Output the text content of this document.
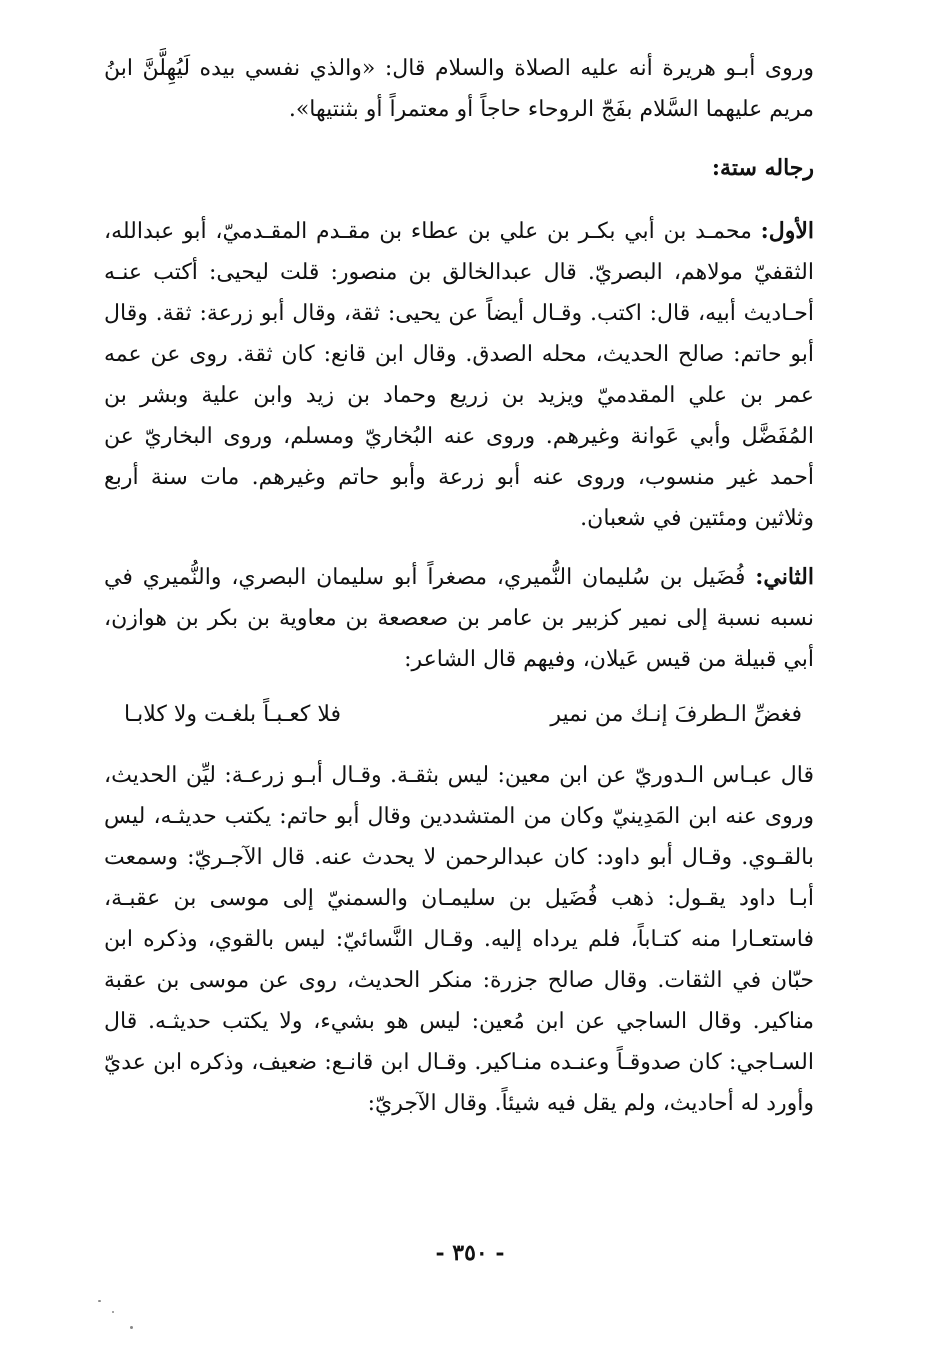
وروى أبـو هريرة أنه عليه الصلاة والسلام قال: «والذي نفسي بيده لَيُهِلَّنَّ ابنُ مريم عليهما السَّلام بفَجّ الروحاء حاجاً أو معتمراً أو بثنتيها».

رجاله ستة:

الأول: محمـد بن أبي بكـر بن علي بن عطاء بن مقـدم المقـدميّ، أبو عبدالله، الثقفيّ مولاهم، البصريّ. قال عبدالخالق بن منصور: قلت ليحيى: أكتب عنـه أحـاديث أبيه، قال: اكتب. وقـال أيضاً عن يحيى: ثقة، وقال أبو زرعة: ثقة. وقال أبو حاتم: صالح الحديث، محله الصدق. وقال ابن قانع: كان ثقة. روى عن عمه عمر بن علي المقدميّ ويزيد بن زريع وحماد بن زيد وابن علية وبشر بن المُفَضَّل وأبي عَوانة وغيرهم. وروى عنه البُخاريّ ومسلم، وروى البخاريّ عن أحمد غير منسوب، وروى عنه أبو زرعة وأبو حاتم وغيرهم. مات سنة أربع وثلاثين ومئتين في شعبان.

الثاني: فُضَيل بن سُليمان النُّميري، مصغراً أبو سليمان البصري، والنُّميري في نسبه نسبة إلى نمير كزبير بن عامر بن صعصعة بن معاوية بن بكر بن هوازن، أبي قبيلة من قيس عَيلان، وفيهم قال الشاعر:

فغضِّ الـطرفَ إنـك من نمير
فلا كعـبـاً بلغـت ولا كلابـا

قال عبـاس الـدوريّ عن ابن معين: ليس بثقـة. وقـال أبـو زرعـة: ليِّن الحديث، وروى عنه ابن المَدِينيّ وكان من المتشددين وقال أبو حاتم: يكتب حديثـه، ليس بالقـوي. وقـال أبو داود: كان عبدالرحمن لا يحدث عنه. قال الآجـريّ: وسمعت أبـا داود يقـول: ذهب فُضَيل بن سليمـان والسمنيّ إلى موسى بن عقبـة، فاستعـارا منه كتـاباً، فلم يرداه إليه. وقـال النَّسائيّ: ليس بالقوي، وذكره ابن حبّان في الثقات. وقال صالح جزرة: منكر الحديث، روى عن موسى بن عقبة مناكير. وقال الساجي عن ابن مُعين: ليس هو بشيء، ولا يكتب حديثـه. قال السـاجي: كان صدوقـاً وعنـده منـاكير. وقـال ابن قانـع: ضعيف، وذكره ابن عديّ وأورد له أحاديث، ولم يقل فيه شيئاً. وقال الآجريّ:

- ٣٥٠ -
